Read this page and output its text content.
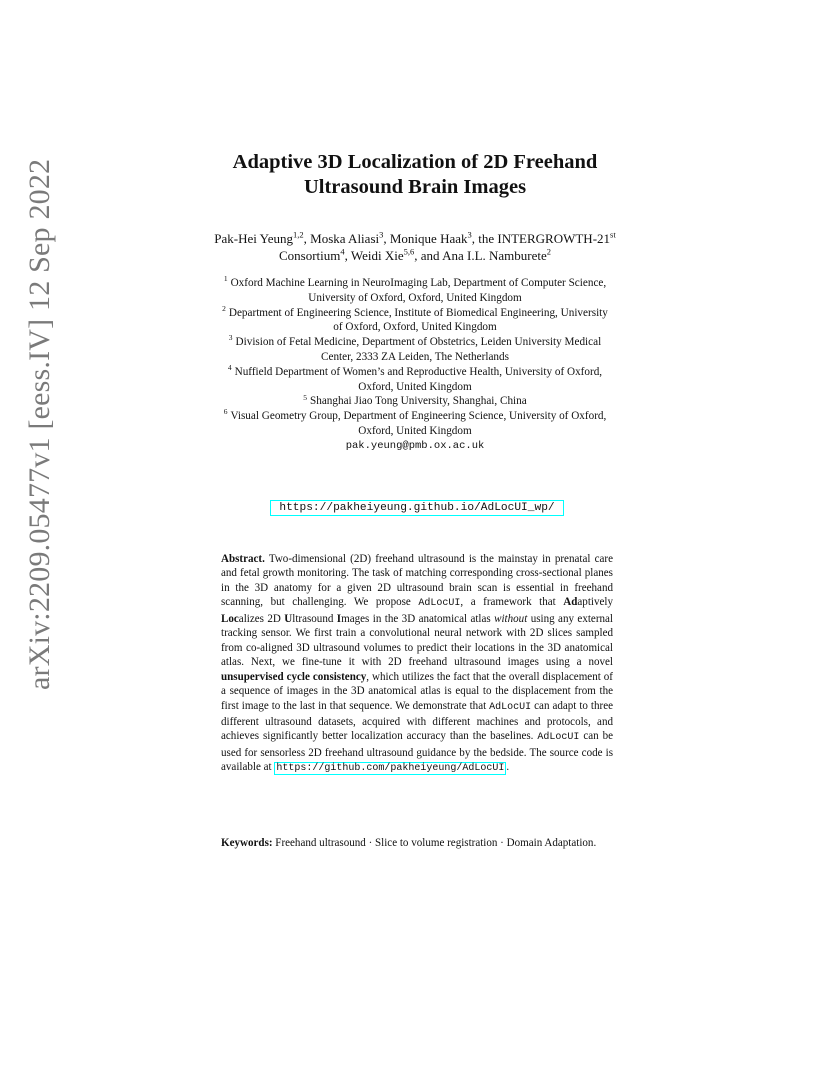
arXiv:2209.05477v1 [eess.IV] 12 Sep 2022	Adaptive 3D Localization of 2D Freehand
Ultrasound Brain Images
Pak-Hei Yeung$^{1,2}$, Moska Aliasi$^3$, Monique Haak$^3$, the INTERGROWTH-21st
Consortium$^4$, Weidi Xie$^{5,6}$, and Ana I.L. Namburete$^2$
$^1$ Oxford Machine Learning in NeuroImaging Lab, Department of Computer Science,
University of Oxford, Oxford, United Kingdom
$^2$ Department of Engineering Science, Institute of Biomedical Engineering, University
of Oxford, Oxford, United Kingdom
$^3$ Division of Fetal Medicine, Department of Obstetrics, Leiden University Medical
Center, 2333 ZA Leiden, The Netherlands
$^4$ Nuffield Department of Women’s and Reproductive Health, University of Oxford,
Oxford, United Kingdom
$^5$ Shanghai Jiao Tong University, Shanghai, China
$^6$ Visual Geometry Group, Department of Engineering Science, University of Oxford,
Oxford, United Kingdom
pak.yeung@pmb.ox.ac.uk
https://pakheiyeung.github.io/AdLocUI_wp/
Abstract. Two-dimensional (2D) freehand ultrasound is the mainstay in prenatal care and fetal growth monitoring. The task of matching corresponding cross-sectional planes in the 3D anatomy for a given 2D ultrasound brain scan is essential in freehand scanning, but challenging. We propose AdLocUI, a framework that Adaptively Localizes 2D Ultrasound Images in the 3D anatomical atlas without using any external tracking sensor. We first train a convolutional neural network with 2D slices sampled from co-aligned 3D ultrasound volumes to predict their locations in the 3D anatomical atlas. Next, we fine-tune it with 2D freehand ultrasound images using a novel unsupervised cycle consistency, which utilizes the fact that the overall displacement of a sequence of images in the 3D anatomical atlas is equal to the displacement from the first image to the last in that sequence. We demonstrate that AdLocUI can adapt to three different ultrasound datasets, acquired with different machines and protocols, and achieves significantly better localization accuracy than the baselines. AdLocUI can be used for sensorless 2D freehand ultrasound guidance by the bedside. The source code is available at https://github.com/pakheiyeung/AdLocUI .
Keywords: Freehand ultrasound · Slice to volume registration · Domain Adaptation.
